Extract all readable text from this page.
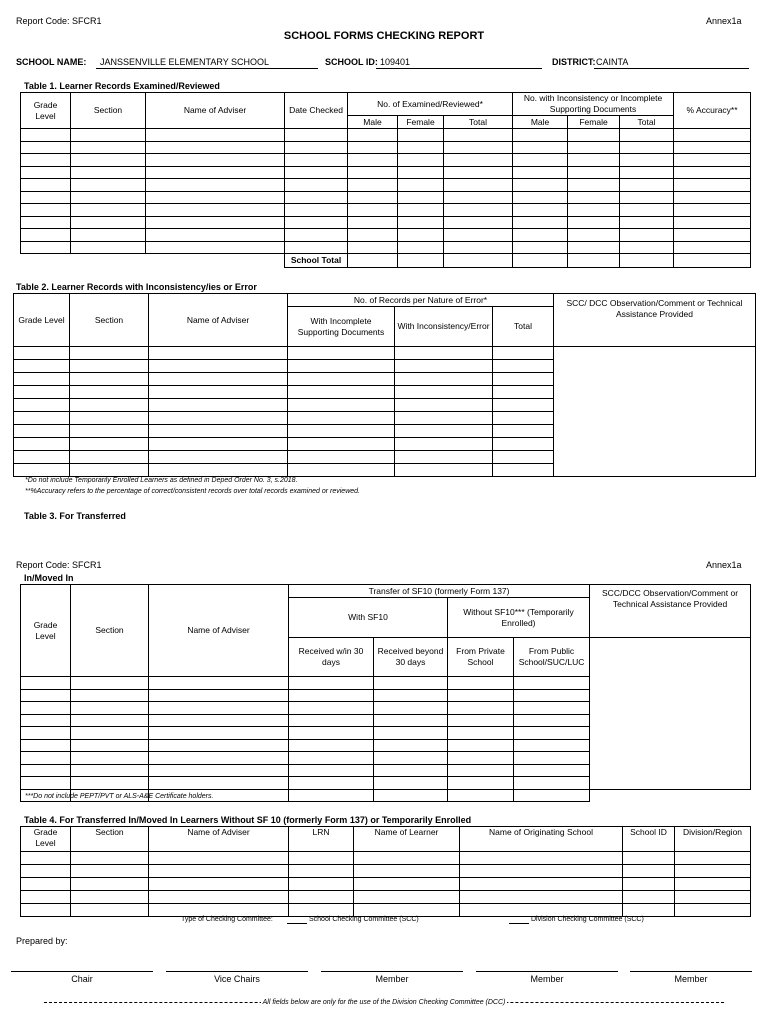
Report Code: SFCR1	Annex1a
SCHOOL FORMS CHECKING REPORT
SCHOOL NAME:	JANSSENVILLE ELEMENTARY SCHOOL	SCHOOL ID: 109401	DISTRICT: CAINTA
Table 1. Learner Records Examined/Reviewed
Grade Level	Section	Name of Adviser	Date Checked	No. of Examined/Reviewed*			No. with Inconsistency or Incomplete Supporting Documents			% Accuracy**
				Male	Female	Total	Male	Female	Total	

			School Total							
Table 2. Learner Records with Inconsistency/ies or Error
Grade Level	Section	Name of Adviser	No. of Records per Nature of Error*			SCC/ DCC Observation/Comment or Technical Assistance Provided
			With Incomplete Supporting Documents	With Inconsistency/Error	Total	

*Do not include Temporarily Enrolled Learners as defined in Deped Order No. 3, s.2018.
**%Accuracy refers to the percentage of correct/consistent records over total records examined or reviewed.
Table 3. For Transferred
Report Code: SFCR1	Annex1a
In/Moved In
Grade Level	Section	Name of Adviser	Transfer of SF10 (formerly Form 137)				SCC/DCC Observation/Comment or Technical Assistance Provided
			With SF10		Without SF10*** (Temporarily Enrolled)		
			Received w/in 30 days	Received beyond 30 days	From Private School	From Public School/SUC/LUC	

***Do not include PEPT/PVT or ALS-A&E Certificate holders.
Table 4. For Transferred In/Moved In Learners Without SF 10 (formerly Form 137) or Temporarily Enrolled
Grade Level	Section	Name of Adviser	LRN	Name of Learner	Name of Originating School	School ID	Division/Region

Type of Checking Committee:	School Checking Committee (SCC)	Division Checking Committee (SCC)
Prepared by:
Chair	Vice Chairs	Member	Member	Member
All fields below are only for the use of the Division Checking Committee (DCC)
